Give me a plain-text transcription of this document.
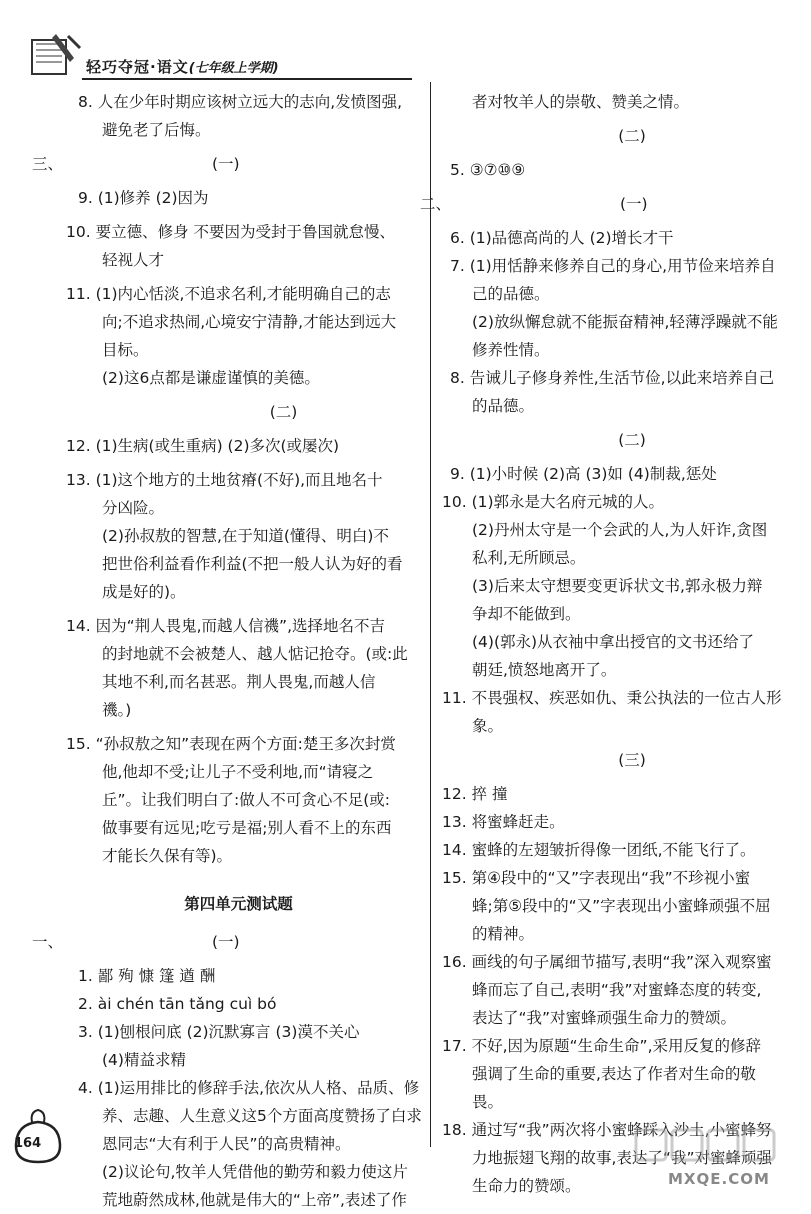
轻巧夺冠·语文(七年级上学期)
8. 人在少年时期应该树立远大的志向,发愤图强,
避免老了后悔。
三、	(一)
9. (1)修养 (2)因为
10. 要立德、修身 不要因为受封于鲁国就怠慢、
轻视人才
11. (1)内心恬淡,不追求名利,才能明确自己的志
向;不追求热闹,心境安宁清静,才能达到远大
目标。
(2)这6点都是谦虚谨慎的美德。
(二)
12. (1)生病(或生重病) (2)多次(或屡次)
13. (1)这个地方的土地贫瘠(不好),而且地名十
分凶险。
(2)孙叔敖的智慧,在于知道(懂得、明白)不
把世俗利益看作利益(不把一般人认为好的看
成是好的)。
14. 因为“荆人畏鬼,而越人信禨”,选择地名不吉
的封地就不会被楚人、越人惦记抢夺。(或:此
其地不利,而名甚恶。荆人畏鬼,而越人信
禨。)
15. “孙叔敖之知”表现在两个方面:楚王多次封赏
他,他却不受;让儿子不受利地,而“请寝之
丘”。让我们明白了:做人不可贪心不足(或:
做事要有远见;吃亏是福;别人看不上的东西
才能长久保有等)。
第四单元测试题
一、	(一)
1. 鄙 殉 慷 篷 遒 酬
2. ài chén tān tǎng cuì bó
3. (1)刨根问底 (2)沉默寡言 (3)漠不关心
(4)精益求精
4. (1)运用排比的修辞手法,依次从人格、品质、修
养、志趣、人生意义这5个方面高度赞扬了白求
恩同志“大有利于人民”的高贵精神。
(2)议论句,牧羊人凭借他的勤劳和毅力使这片
荒地蔚然成林,他就是伟大的“上帝”,表述了作
者对牧羊人的崇敬、赞美之情。
(二)
5. ③⑦⑩⑨
二、	(一)
6. (1)品德高尚的人 (2)增长才干
7. (1)用恬静来修养自己的身心,用节俭来培养自
己的品德。
(2)放纵懈怠就不能振奋精神,轻薄浮躁就不能
修养性情。
8. 告诫儿子修身养性,生活节俭,以此来培养自己
的品德。
(二)
9. (1)小时候 (2)高 (3)如 (4)制裁,惩处
10. (1)郭永是大名府元城的人。
(2)丹州太守是一个会武的人,为人奸诈,贪图
私利,无所顾忌。
(3)后来太守想要变更诉状文书,郭永极力辩
争却不能做到。
(4)(郭永)从衣袖中拿出授官的文书还给了
朝廷,愤怒地离开了。
11. 不畏强权、疾恶如仇、秉公执法的一位古人形
象。
(三)
12. 捽 撞
13. 将蜜蜂赶走。
14. 蜜蜂的左翅皱折得像一团纸,不能飞行了。
15. 第④段中的“又”字表现出“我”不珍视小蜜
蜂;第⑤段中的“又”字表现出小蜜蜂顽强不屈
的精神。
16. 画线的句子属细节描写,表明“我”深入观察蜜
蜂而忘了自己,表明“我”对蜜蜂态度的转变,
表达了“我”对蜜蜂顽强生命力的赞颂。
17. 不好,因为原题“生命生命”,采用反复的修辞
强调了生命的重要,表达了作者对生命的敬
畏。
18. 通过写“我”两次将小蜜蜂踩入沙土,小蜜蜂努
力地振翅飞翔的故事,表达了“我”对蜜蜂顽强
生命力的赞颂。
164
MXQE.COM
